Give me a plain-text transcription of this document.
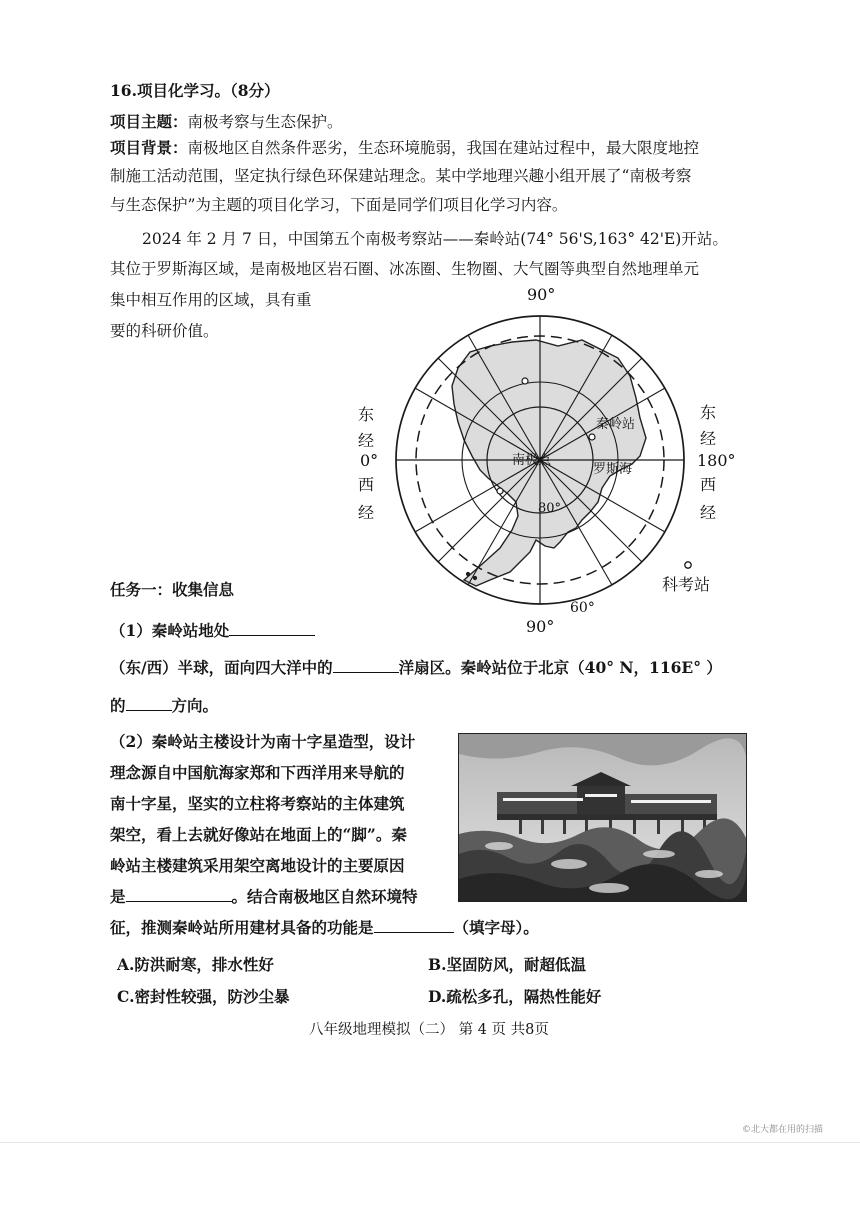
16.项目化学习。（8分）
项目主题：南极考察与生态保护。
项目背景：南极地区自然条件恶劣，生态环境脆弱，我国在建站过程中，最大限度地控
制施工活动范围，坚定执行绿色环保建站理念。某中学地理兴趣小组开展了“南极考察
与生态保护”为主题的项目化学习，下面是同学们项目化学习内容。
2024 年 2 月 7 日，中国第五个南极考察站——秦岭站(74° 56'S,163° 42'E)开站。
其位于罗斯海区域，是南极地区岩石圈、冰冻圈、生物圈、大气圈等典型自然地理单元
集中相互作用的区域，具有重
要的科研价值。
90°
90°
东
经
0°
西
经
东
经
180°
西
经
科考站
60°
南极点
秦岭站
罗斯海
80°
任务一：收集信息
（1）秦岭站地处
（东/西）半球，面向四大洋中的	洋扇区。秦岭站位于北京（40° N，116E° ）
的	方向。
（2）秦岭站主楼设计为南十字星造型，设计
理念源自中国航海家郑和下西洋用来导航的
南十字星，坚实的立柱将考察站的主体建筑
架空，看上去就好像站在地面上的“脚”。秦
岭站主楼建筑采用架空离地设计的主要原因
是	。结合南极地区自然环境特
征，推测秦岭站所用建材具备的功能是	（填字母）。
A.防洪耐寒，排水性好	B.坚固防风，耐超低温
C.密封性较强，防沙尘暴	D.疏松多孔，隔热性能好
八年级地理模拟（二） 第 4 页 共8页
©北大都在用的扫描
